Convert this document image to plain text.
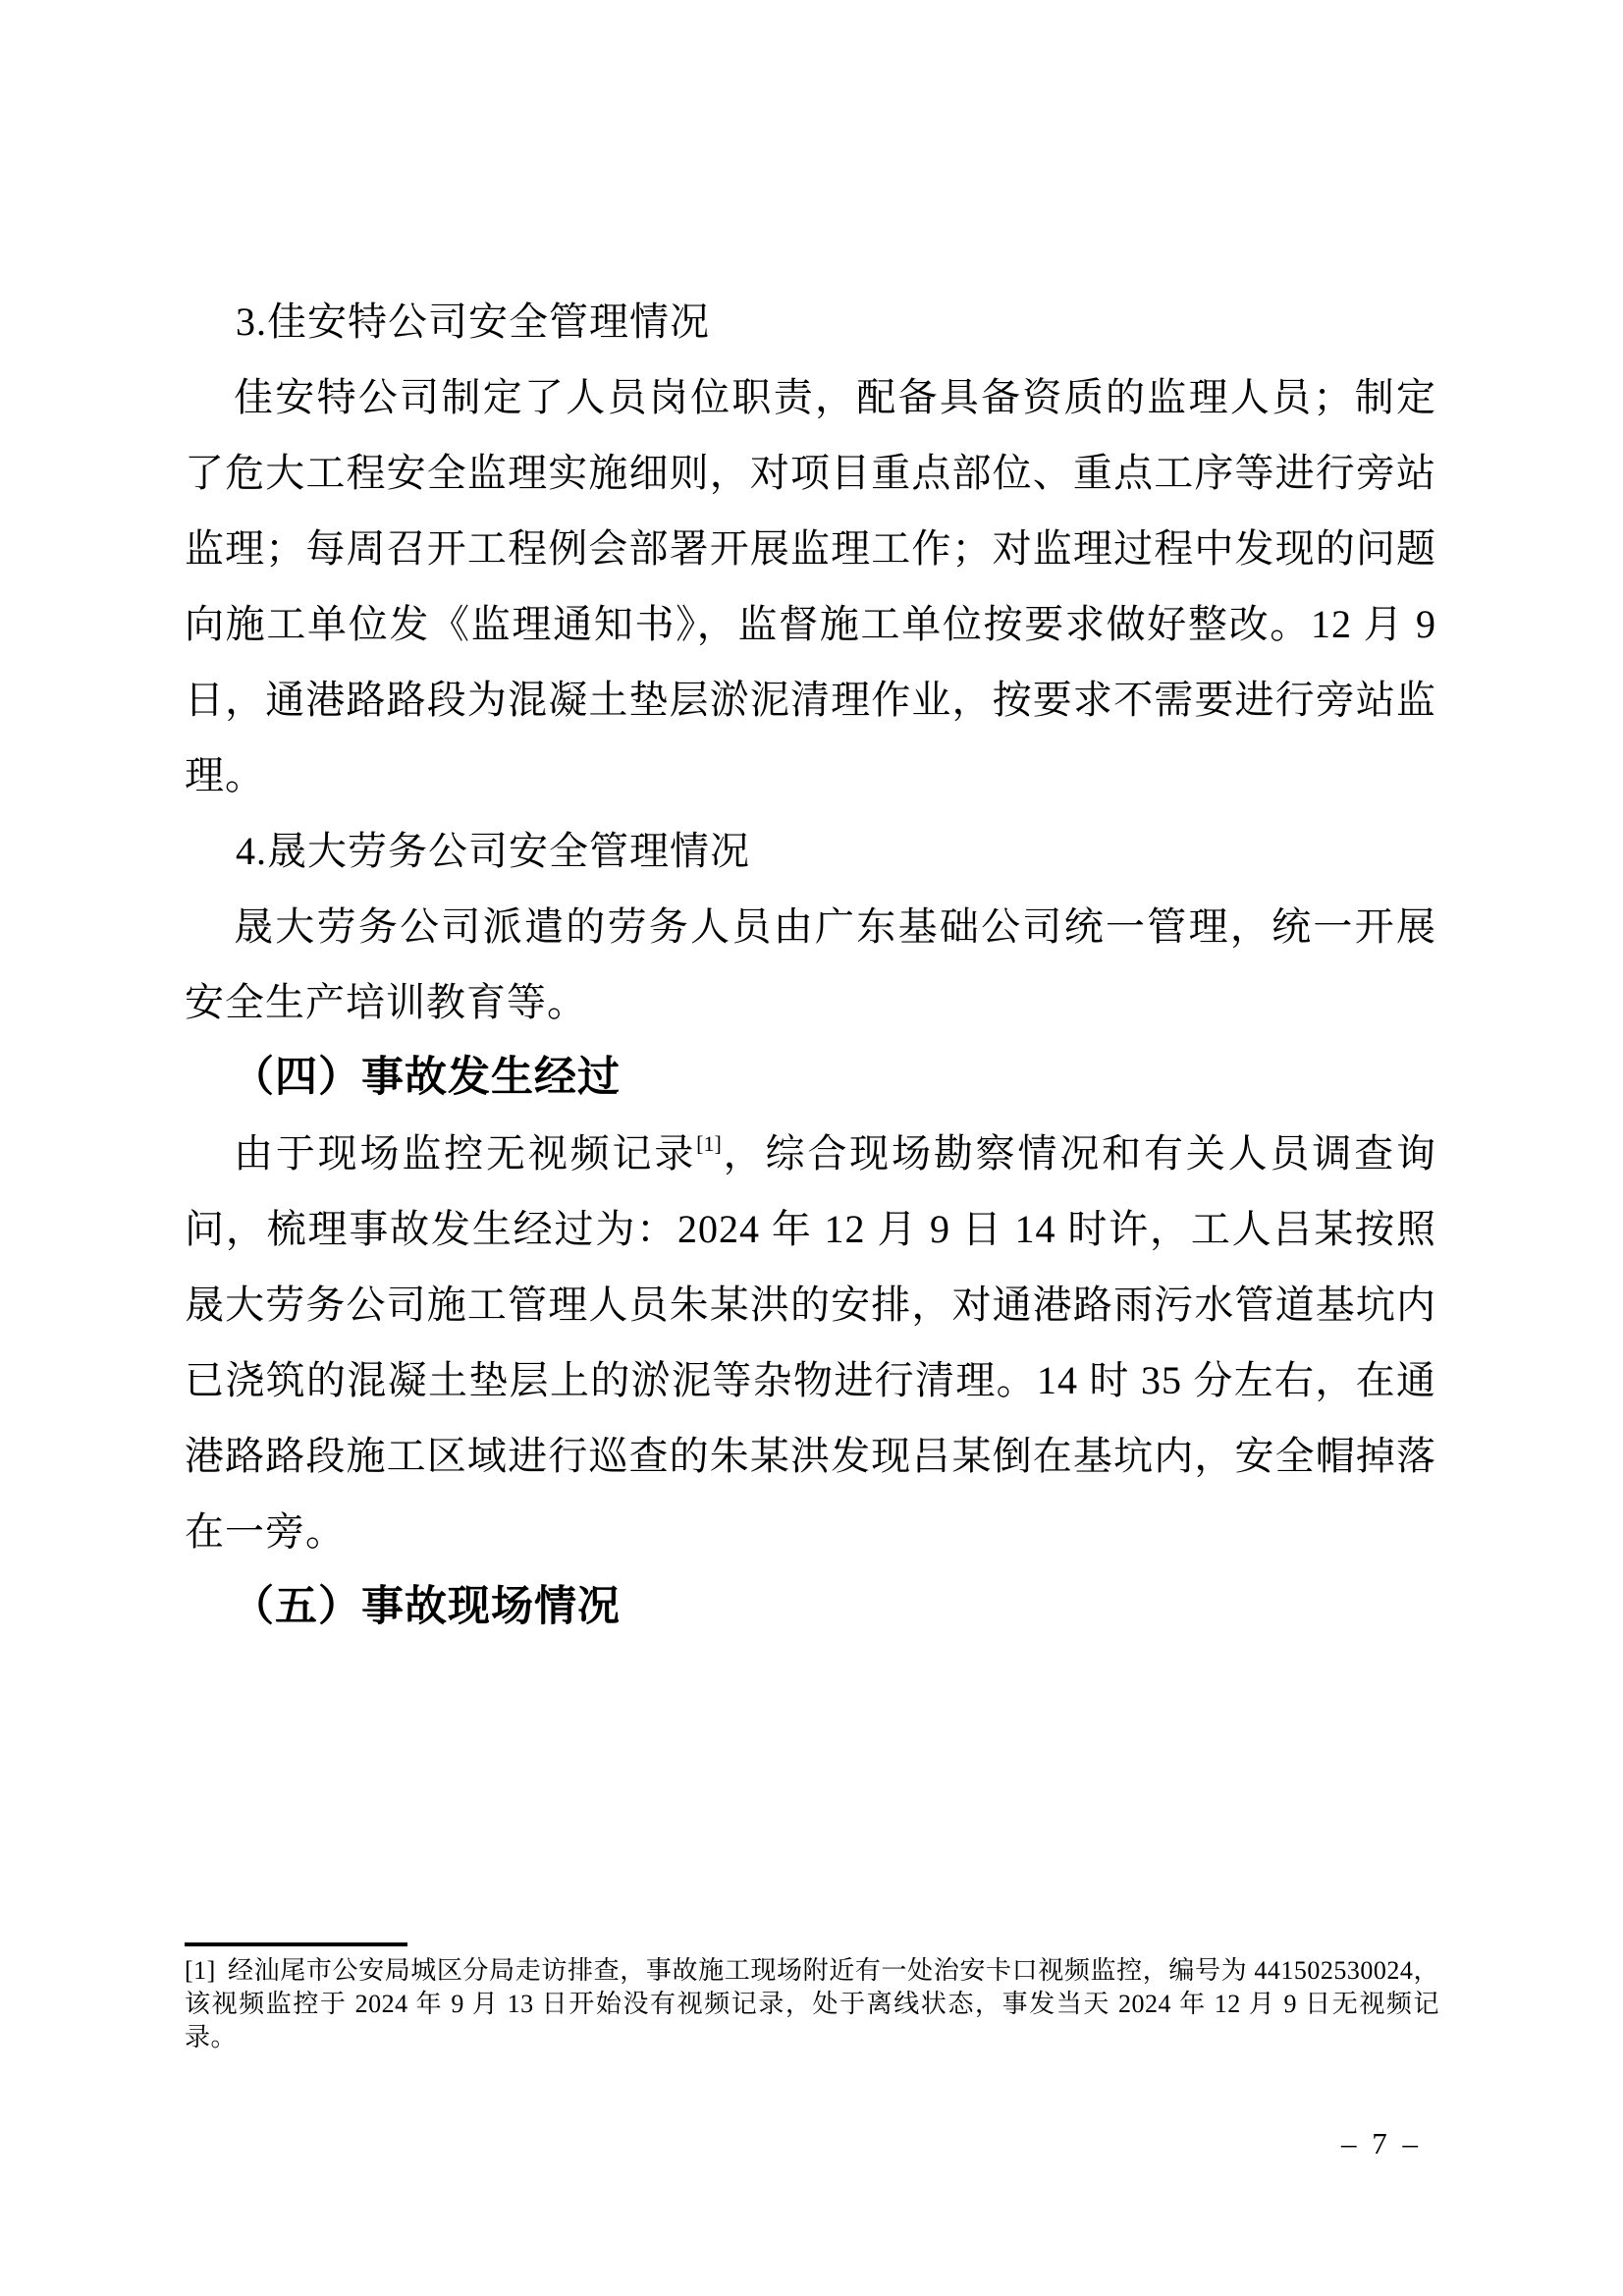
3.佳安特公司安全管理情况

佳安特公司制定了人员岗位职责，配备具备资质的监理人员；制定了危大工程安全监理实施细则，对项目重点部位、重点工序等进行旁站监理；每周召开工程例会部署开展监理工作；对监理过程中发现的问题向施工单位发《监理通知书》，监督施工单位按要求做好整改。12 月 9 日，通港路路段为混凝土垫层淤泥清理作业，按要求不需要进行旁站监理。

4.晟大劳务公司安全管理情况

晟大劳务公司派遣的劳务人员由广东基础公司统一管理，统一开展安全生产培训教育等。

（四）事故发生经过

由于现场监控无视频记录[1]，综合现场勘察情况和有关人员调查询问，梳理事故发生经过为：2024 年 12 月 9 日 14 时许，工人吕某按照晟大劳务公司施工管理人员朱某洪的安排，对通港路雨污水管道基坑内已浇筑的混凝土垫层上的淤泥等杂物进行清理。14 时 35 分左右，在通港路路段施工区域进行巡查的朱某洪发现吕某倒在基坑内，安全帽掉落在一旁。

（五）事故现场情况

[1] 经汕尾市公安局城区分局走访排查，事故施工现场附近有一处治安卡口视频监控，编号为 441502530024，该视频监控于 2024 年 9 月 13 日开始没有视频记录，处于离线状态，事发当天 2024 年 12 月 9 日无视频记录。

– 7 –
